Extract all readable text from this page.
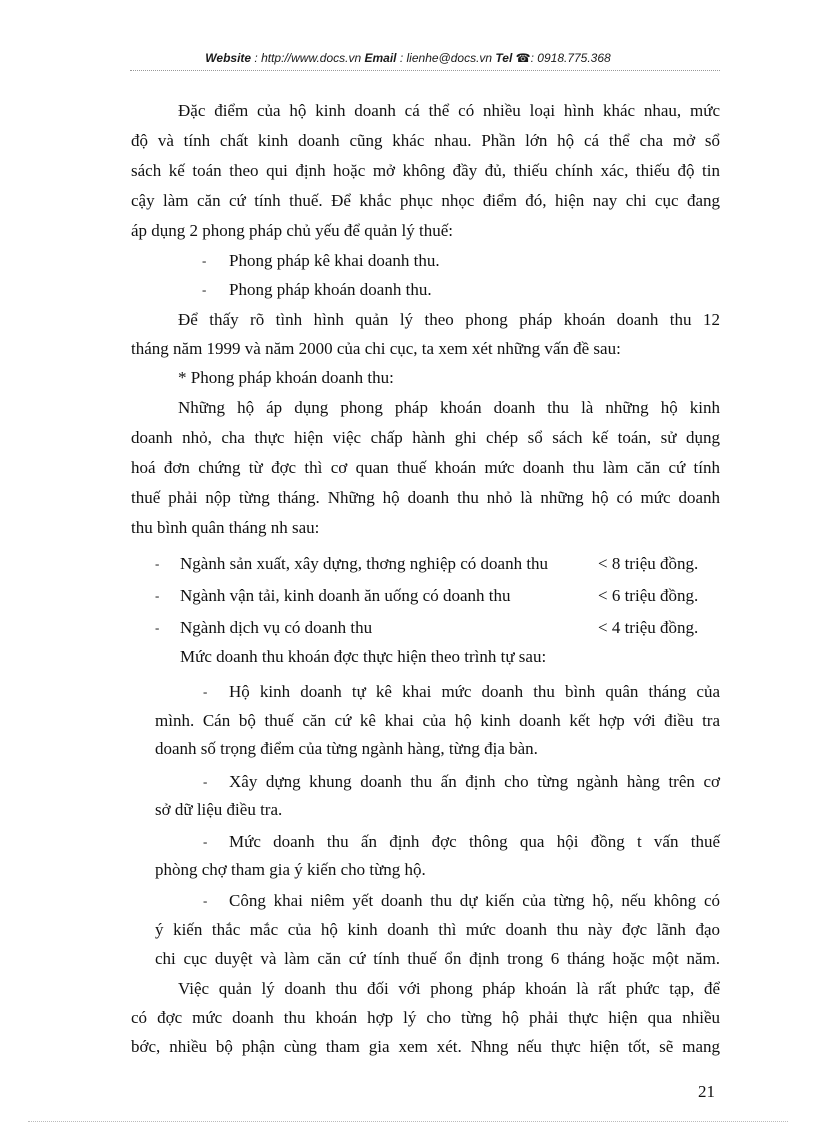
Website : http://www.docs.vn Email : lienhe@docs.vn Tel ☎: 0918.775.368
Đặc điểm của hộ kinh doanh cá thể có nhiều loại hình khác nhau, mức
độ và tính chất kinh doanh cũng khác nhau. Phần lớn hộ cá thể cha mở sổ
sách kế toán theo qui định hoặc mở không đầy đủ, thiếu chính xác, thiếu độ tin
cậy làm căn cứ tính thuế. Để khắc phục nhọc điểm đó, hiện nay chi cục đang
áp dụng 2 phong pháp chủ yếu để quản lý thuế:
- Phong pháp kê khai doanh thu.
- Phong pháp khoán doanh thu.
Để thấy rõ tình hình quản lý theo phong pháp khoán doanh thu 12
tháng năm 1999 và năm 2000 của chi cục, ta xem xét những vấn đề sau:
* Phong pháp khoán doanh thu:
Những hộ áp dụng phong pháp khoán doanh thu là những hộ kinh
doanh nhỏ, cha thực hiện việc chấp hành ghi chép sổ sách kế toán, sử dụng
hoá đơn chứng từ đợc thì cơ quan thuế khoán mức doanh thu làm căn cứ tính
thuế phải nộp từng tháng. Những hộ doanh thu nhỏ là những hộ có mức doanh
thu bình quân tháng nh sau:
- Ngành sản xuất, xây dựng, thơng nghiệp có doanh thu	< 8 triệu đồng.
- Ngành vận tải, kinh doanh ăn uống có doanh thu	< 6 triệu đồng.
- Ngành dịch vụ có doanh thu	< 4 triệu đồng.
Mức doanh thu khoán đợc thực hiện theo trình tự sau:
- Hộ kinh doanh tự kê khai mức doanh thu bình quân tháng của
mình. Cán bộ thuế căn cứ kê khai của hộ kinh doanh kết hợp với điều tra
doanh số trọng điểm của từng ngành hàng, từng địa bàn.
- Xây dựng khung doanh thu ấn định cho từng ngành hàng trên cơ
sở dữ liệu điều tra.
- Mức doanh thu ấn định đợc thông qua hội đồng t vấn thuế
phòng chợ tham gia ý kiến cho từng hộ.
- Công khai niêm yết doanh thu dự kiến của từng hộ, nếu không có
ý kiến thắc mắc của hộ kinh doanh thì mức doanh thu này đợc lãnh đạo
chi cục duyệt và làm căn cứ tính thuế ổn định trong 6 tháng hoặc một năm.
Việc quản lý doanh thu đối với phong pháp khoán là rất phức tạp, để
có đợc mức doanh thu khoán hợp lý cho từng hộ phải thực hiện qua nhiều
bớc, nhiều bộ phận cùng tham gia xem xét. Nhng nếu thực hiện tốt, sẽ mang
21
